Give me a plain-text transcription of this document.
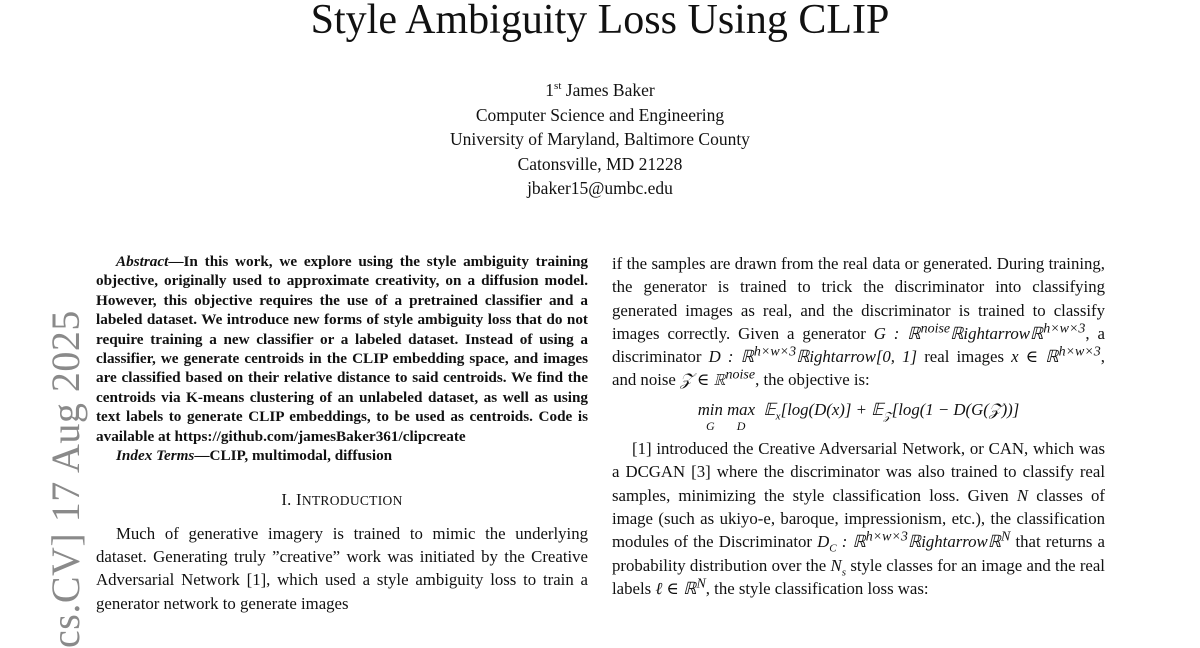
Style Ambiguity Loss Using CLIP
1st James Baker
Computer Science and Engineering
University of Maryland, Baltimore County
Catonsville, MD 21228
jbaker15@umbc.edu
cs.CV] 17 Aug 2025

Abstract—In this work, we explore using the style ambiguity training objective, originally used to approximate creativity, on a diffusion model. However, this objective requires the use of a pretrained classifier and a labeled dataset. We introduce new forms of style ambiguity loss that do not require training a new classifier or a labeled dataset. Instead of using a classifier, we generate centroids in the CLIP embedding space, and images are classified based on their relative distance to said centroids. We find the centroids via K-means clustering of an unlabeled dataset, as well as using text labels to generate CLIP embeddings, to be used as centroids. Code is available at https://github.com/jamesBaker361/clipcreate

Index Terms—CLIP, multimodal, diffusion

I. INTRODUCTION

Much of generative imagery is trained to mimic the underlying dataset. Generating truly ”creative” work was initiated by the Creative Adversarial Network [1], which used a style ambiguity loss to train a generator network to generate images

if the samples are drawn from the real data or generated. During training, the generator is trained to trick the discriminator into classifying generated images as real, and the discriminator is trained to classify images correctly. Given a generator G : ℝ$^{noise}$ℝightarrowℝ$^{h\times w\times 3}$, a discriminator D : ℝ$^{h\times w\times 3}$ℝightarrow[0, 1] real images x ∈ ℝ$^{h\times w\times 3}$, and noise 𝒵 ∈ ℝ$^{noise}$, the objective is:

min

G
max

D
𝔼$_x$[log(D(x)] + 𝔼$_𝒵$[log(1 − D(G(𝒵))]

[1] introduced the Creative Adversarial Network, or CAN, which was a DCGAN [3] where the discriminator was also trained to classify real samples, minimizing the style classification loss. Given N classes of image (such as ukiyo-e, baroque, impressionism, etc.), the classification modules of the Discriminator $D_C$ : ℝ$^{h\times w\times 3}$ℝightarrowℝ$^N$ that returns a probability distribution over the $N_s$ style classes for an image and the real labels ℓ ∈ ℝ$^N$, the style classification loss was:
